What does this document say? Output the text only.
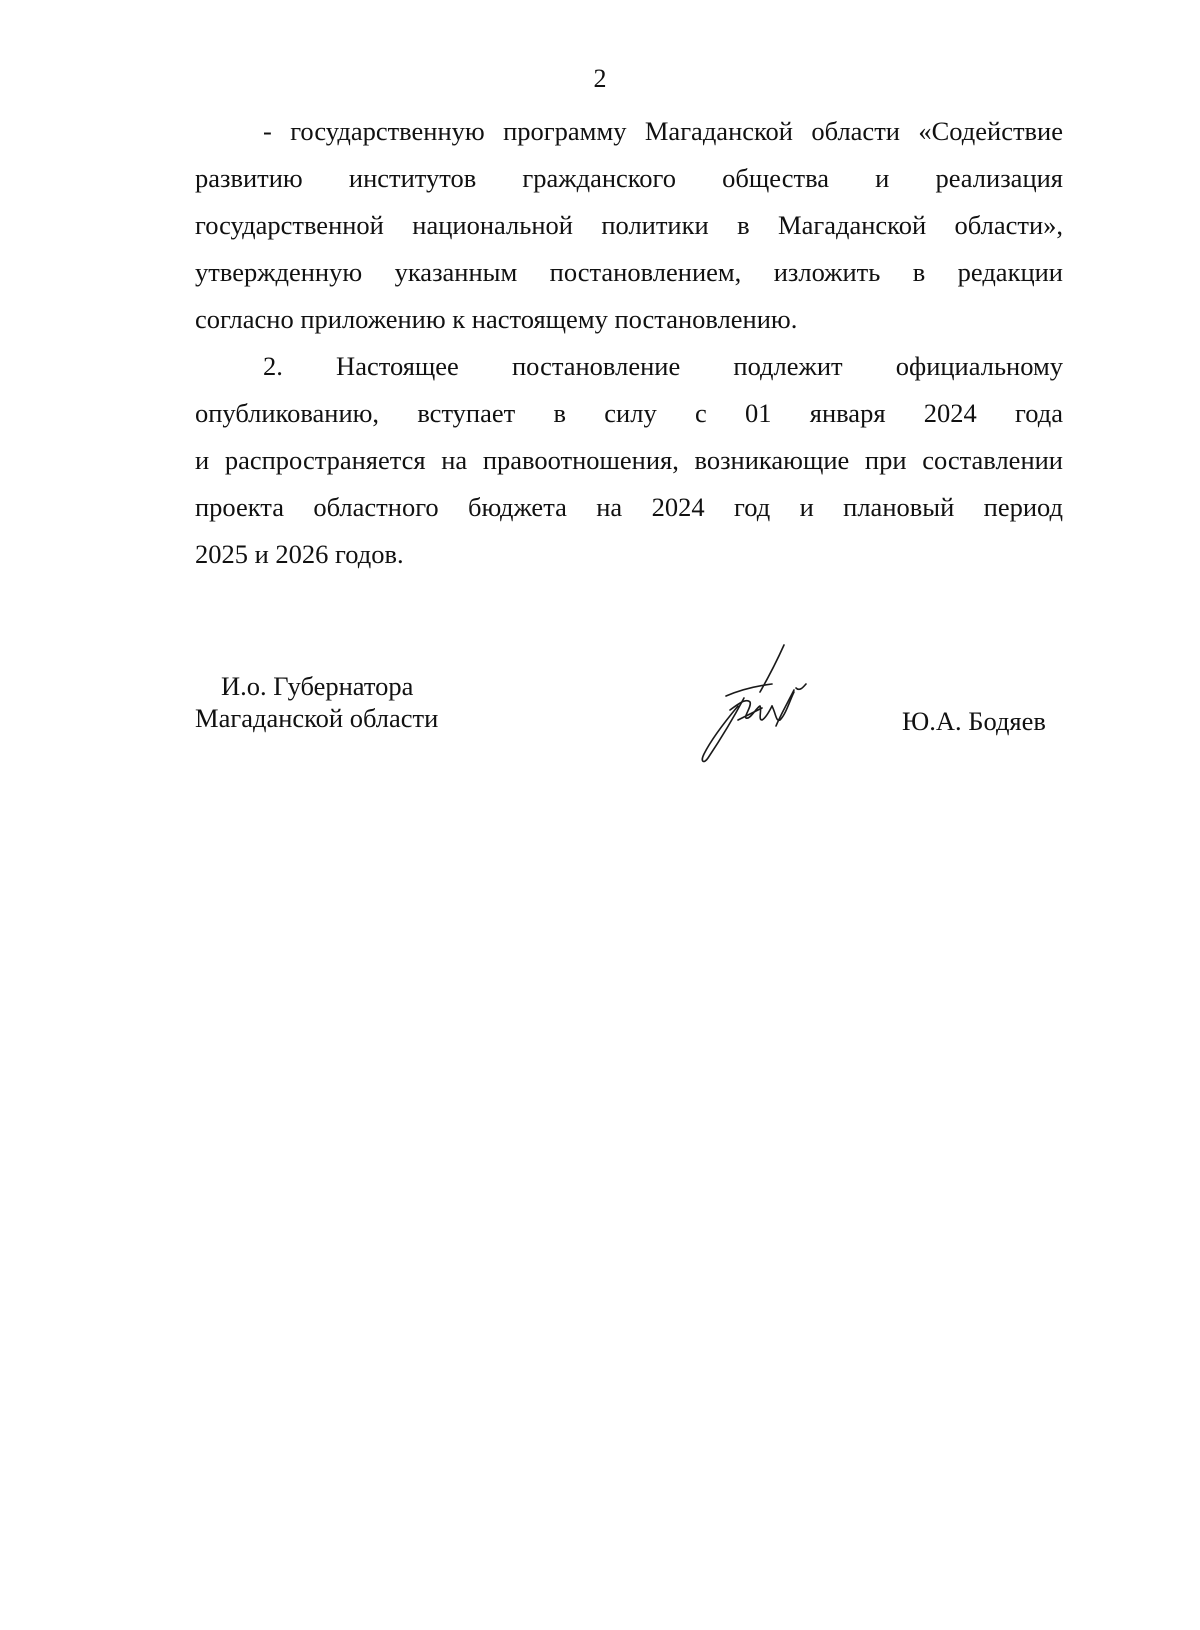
2

- государственную программу Магаданской области «Содействие
развитию институтов гражданского общества и реализация
государственной национальной политики в Магаданской области»,
утвержденную указанным постановлением, изложить в редакции
согласно приложению к настоящему постановлению.

2. Настоящее постановление подлежит официальному
опубликованию, вступает в силу с 01 января 2024 года
и распространяется на правоотношения, возникающие при составлении
проекта областного бюджета на 2024 год и плановый период
2025 и 2026 годов.

И.о. Губернатора
Магаданской области	Ю.А. Бодяев
